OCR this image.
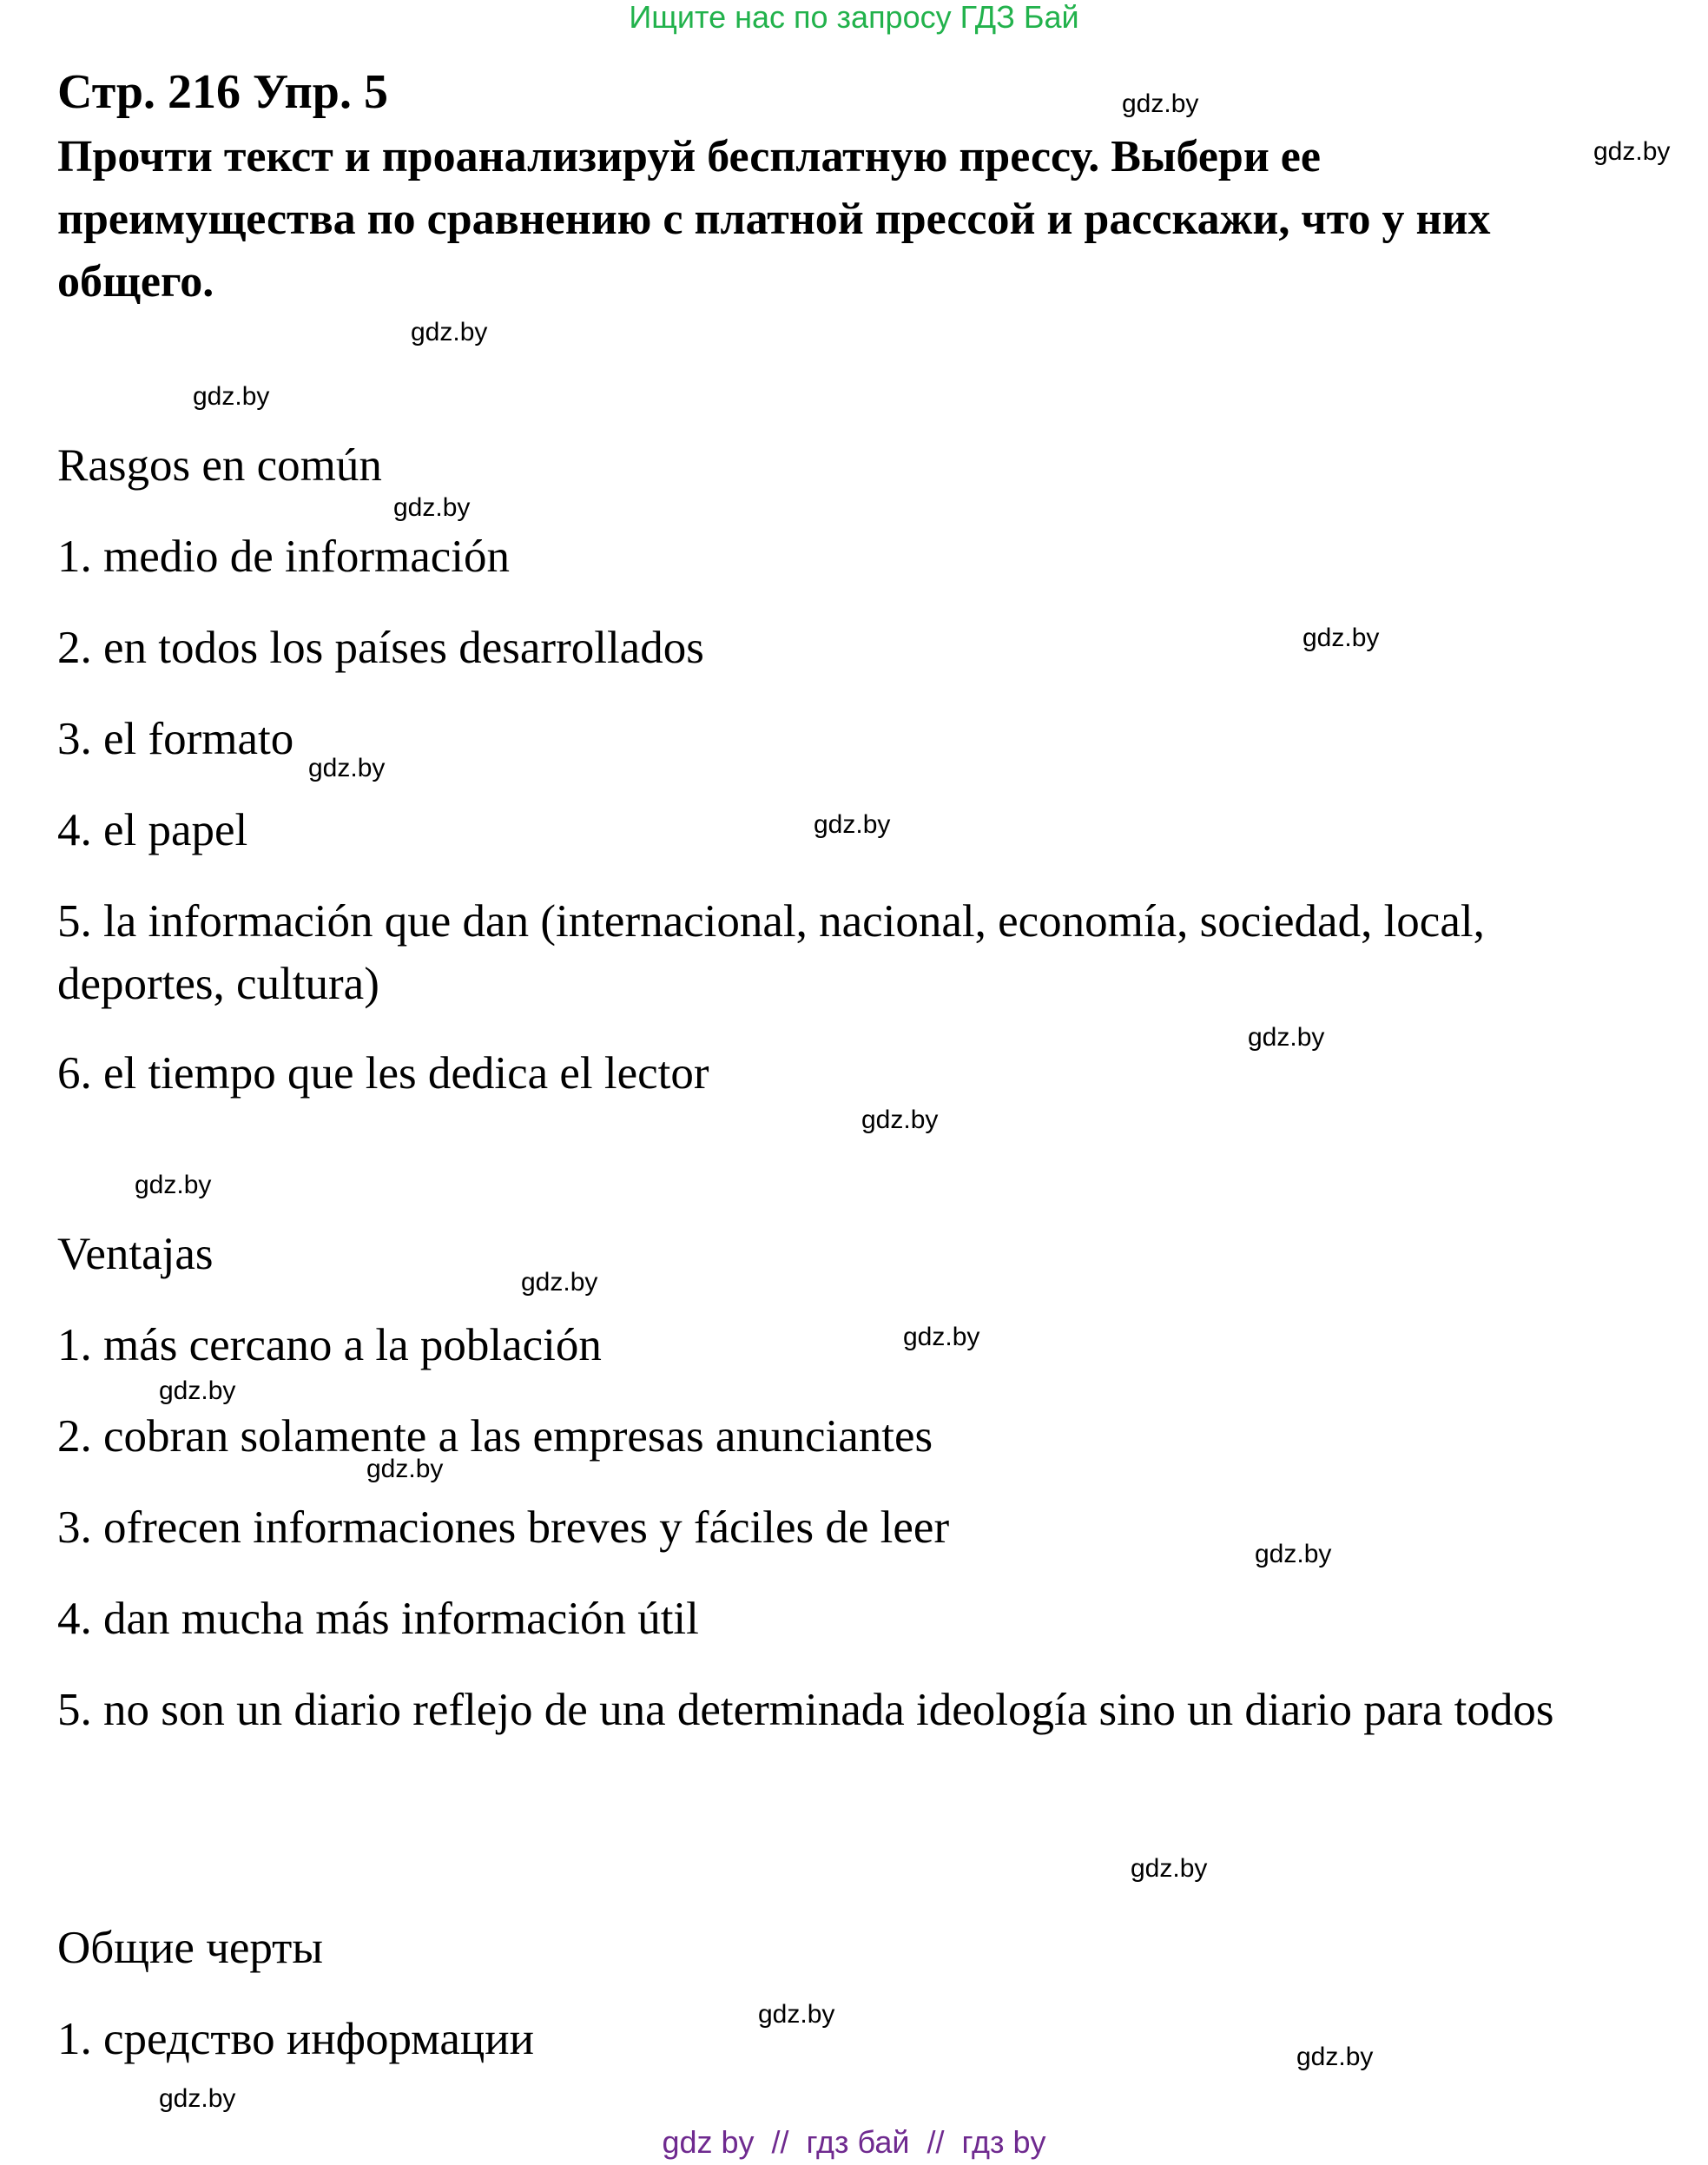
Ищите нас по запросу ГДЗ Бай
Стр. 216 Упр. 5
Прочти текст и проанализируй бесплатную прессу. Выбери ее преимущества по сравнению с платной прессой и расскажи, что у них общего.
Rasgos en común
1. medio de información
2. en todos los países desarrollados
3. el formato
4. el papel
5. la información que dan (internacional, nacional, economía, sociedad, local, deportes, cultura)
6. el tiempo que les dedica el lector
Ventajas
1. más cercano a la población
2. cobran solamente a las empresas anunciantes
3. ofrecen informaciones breves y fáciles de leer
4. dan mucha más información útil
5. no son un diario reflejo de una determinada ideología sino un diario para todos
Общие черты
1. средство информации
gdz.by
gdz.by
gdz.by
gdz.by
gdz.by
gdz.by
gdz.by
gdz.by
gdz.by
gdz.by
gdz.by
gdz.by
gdz.by
gdz.by
gdz.by
gdz.by
gdz.by
gdz.by
gdz.by
gdz.by
gdz by  //  гдз бай  //  гдз by
